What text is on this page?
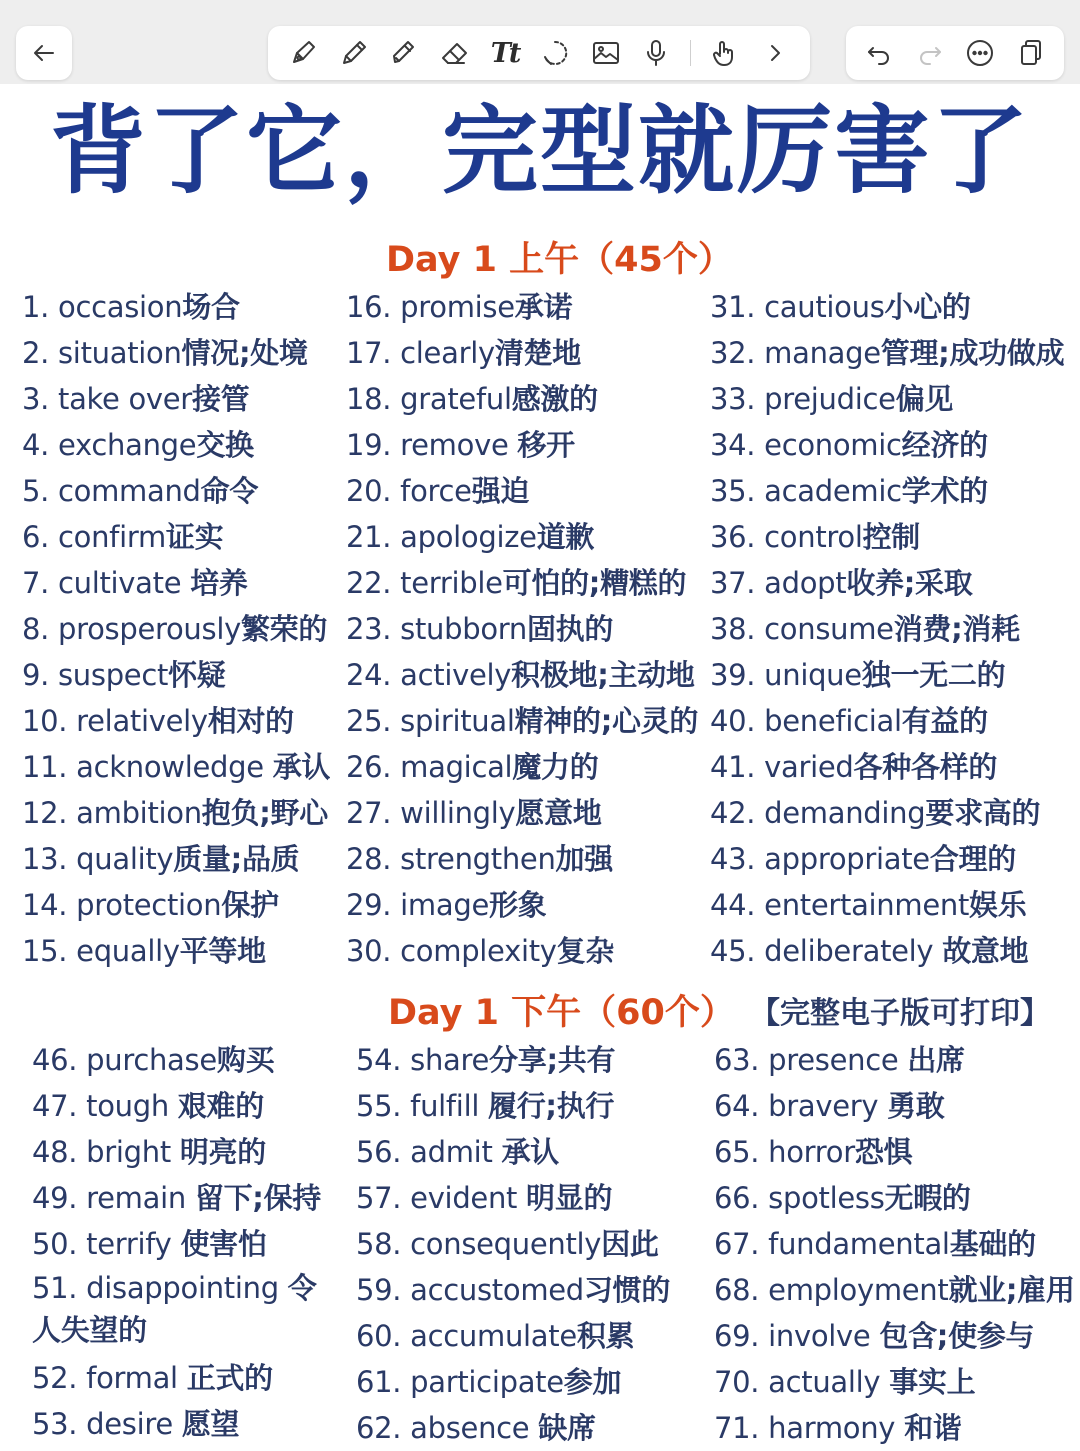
Tt
背了它，完型就厉害了
Day 1 上午（45个）
1. occasion场合
2. situation情况;处境
3. take over接管
4. exchange交换
5. command命令
6. confirm证实
7. cultivate 培养
8. prosperously繁荣的
9. suspect怀疑
10. relatively相对的
11. acknowledge 承认
12. ambition抱负;野心
13. quality质量;品质
14. protection保护
15. equally平等地
16. promise承诺
17. clearly清楚地
18. grateful感激的
19. remove 移开
20. force强迫
21. apologize道歉
22. terrible可怕的;糟糕的
23. stubborn固执的
24. actively积极地;主动地
25. spiritual精神的;心灵的
26. magical魔力的
27. willingly愿意地
28. strengthen加强
29. image形象
30. complexity复杂
31. cautious小心的
32. manage管理;成功做成
33. prejudice偏见
34. economic经济的
35. academic学术的
36. control控制
37. adopt收养;采取
38. consume消费;消耗
39. unique独一无二的
40. beneficial有益的
41. varied各种各样的
42. demanding要求高的
43. appropriate合理的
44. entertainment娱乐
45. deliberately 故意地
Day 1 下午（60个） 【完整电子版可打印】
46. purchase购买
47. tough 艰难的
48. bright 明亮的
49. remain 留下;保持
50. terrify 使害怕
51. disappointing 令人失望的
52. formal 正式的
53. desire 愿望
54. share分享;共有
55. fulfill 履行;执行
56. admit 承认
57. evident 明显的
58. consequently因此
59. accustomed习惯的
60. accumulate积累
61. participate参加
62. absence 缺席
63. presence 出席
64. bravery 勇敢
65. horror恐惧
66. spotless无暇的
67. fundamental基础的
68. employment就业;雇用
69. involve 包含;使参与
70. actually 事实上
71. harmony 和谐
